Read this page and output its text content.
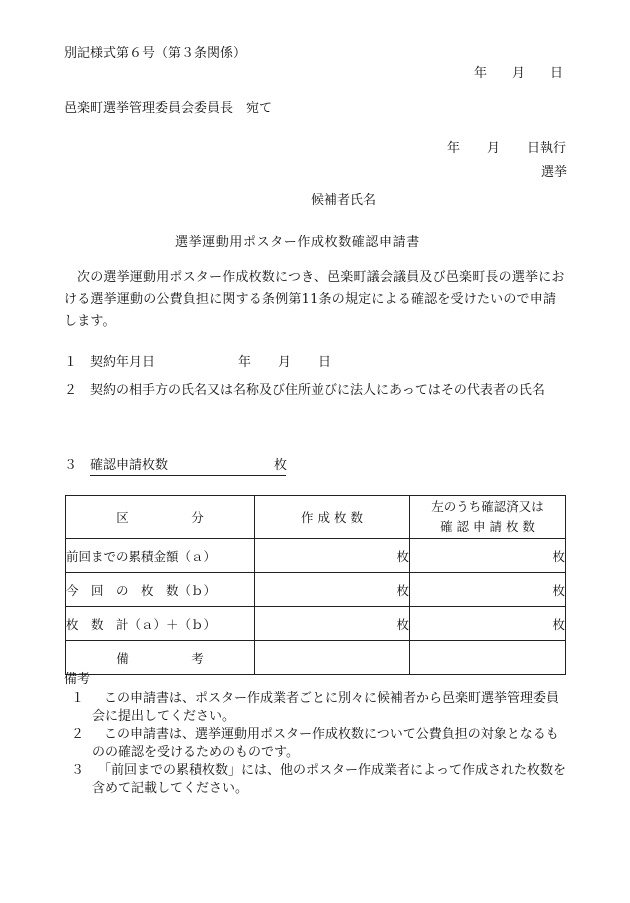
別記様式第６号（第３条関係）
年	月	日
邑楽町選挙管理委員会委員長　宛て
年	月	日執行
選挙
候補者氏名
選挙運動用ポスター作成枚数確認申請書
次の選挙運動用ポスター作成枚数につき、邑楽町議会議員及び邑楽町長の選挙における選挙運動の公費負担に関する条例第11条の規定による確認を受けたいので申請します。
１ 契約年月日	年 月 日
２ 契約の相手方の氏名又は名称及び住所並びに法人にあってはその代表者の氏名
３ 確認申請枚数	枚
区　　　　　分	作 成 枚 数	左のうち確認済又は
確 認 申 請 枚 数

前回までの累積金額（ａ）	枚	枚
今　回　の　枚　数（ｂ）	枚	枚
枚　数　計（ａ）＋（ｂ）	枚	枚
備　　　　　考		
備考
１	この申請書は、ポスター作成業者ごとに別々に候補者から邑楽町選挙管理委員会に提出してください。
２	この申請書は、選挙運動用ポスター作成枚数について公費負担の対象となるものの確認を受けるためのものです。
３	「前回までの累積枚数」には、他のポスター作成業者によって作成された枚数を含めて記載してください。
